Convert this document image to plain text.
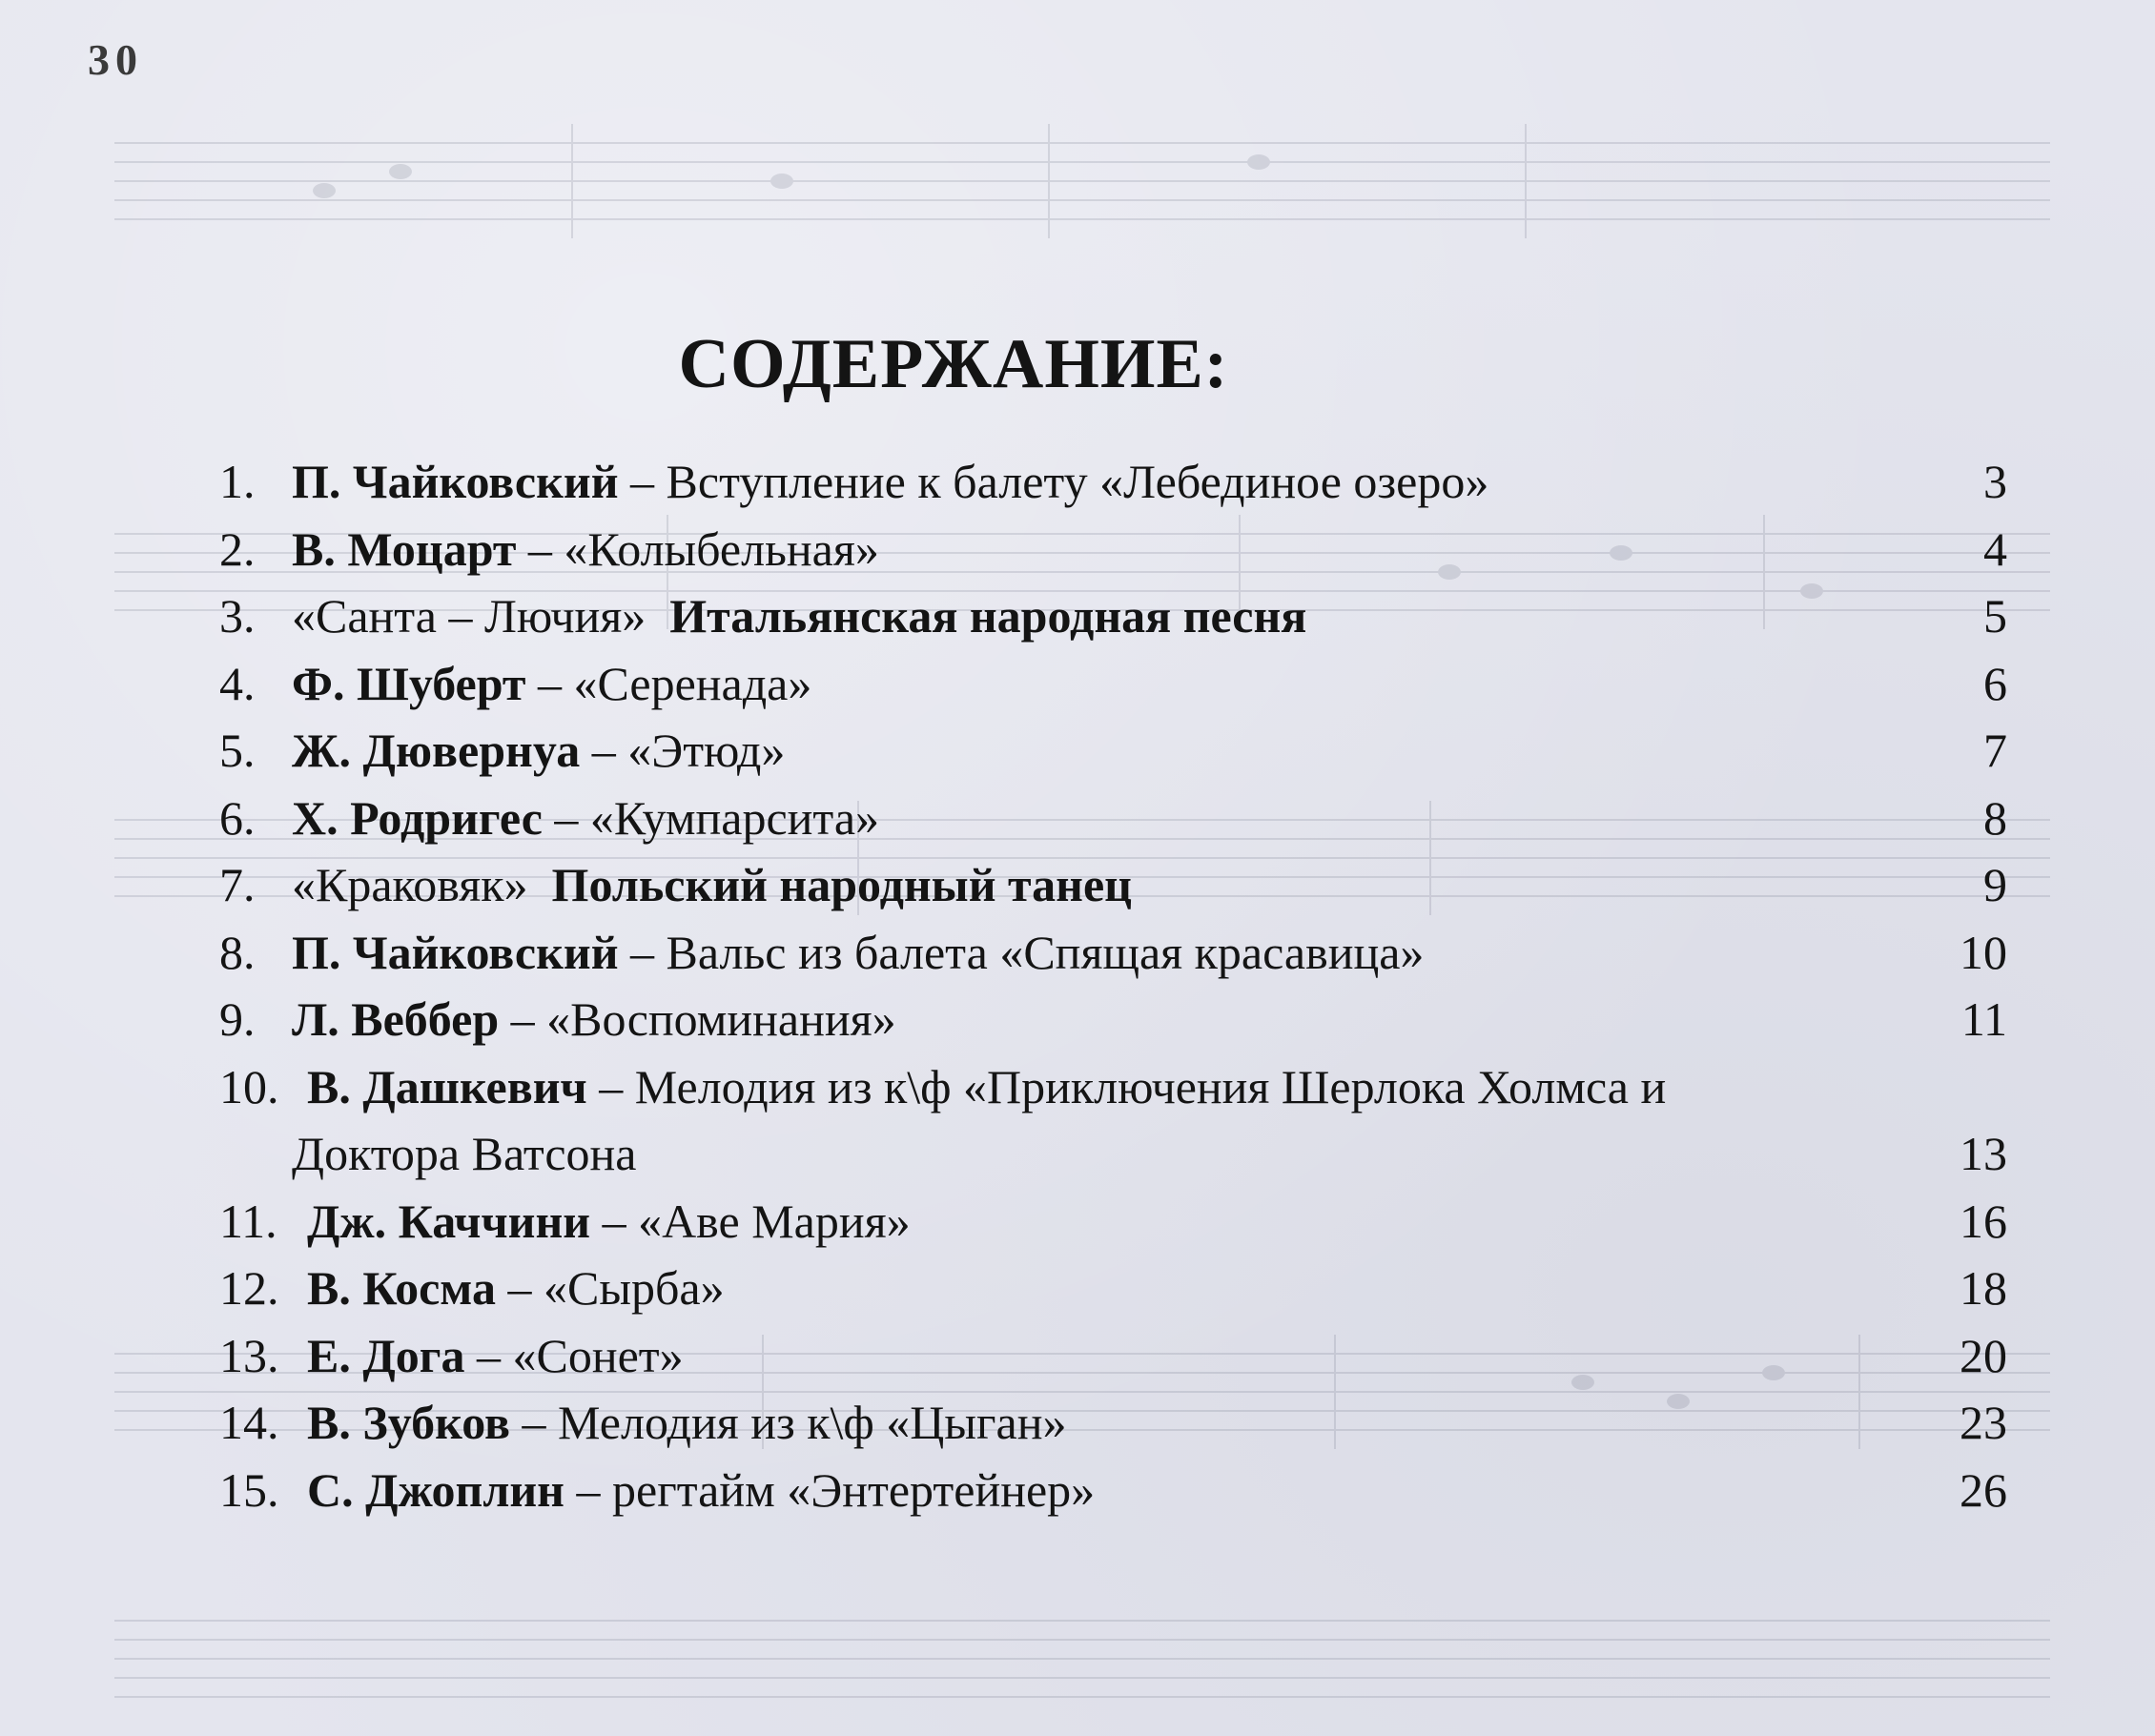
30
СОДЕРЖАНИЕ:
1. П. Чайковский – Вступление к балету «Лебединое озеро»	3
2. В. Моцарт – «Колыбельная»	4
3. «Санта – Лючия» Итальянская народная песня	5
4. Ф. Шуберт – «Серенада»	6
5. Ж. Дювернуа – «Этюд»	7
6. Х. Родригес – «Кумпарсита»	8
7. «Краковяк» Польский народный танец	9
8. П. Чайковский – Вальс из балета «Спящая красавица»	10
9. Л. Веббер – «Воспоминания»	11
10. В. Дашкевич – Мелодия из к\ф «Приключения Шерлока Холмса и
Доктора Ватсона	13
11. Дж. Каччини – «Аве Мария»	16
12. В. Косма – «Сырба»	18
13. Е. Дога – «Сонет»	20
14. В. Зубков – Мелодия из к\ф «Цыган»	23
15. С. Джоплин – регтайм «Энтертейнер»	26
